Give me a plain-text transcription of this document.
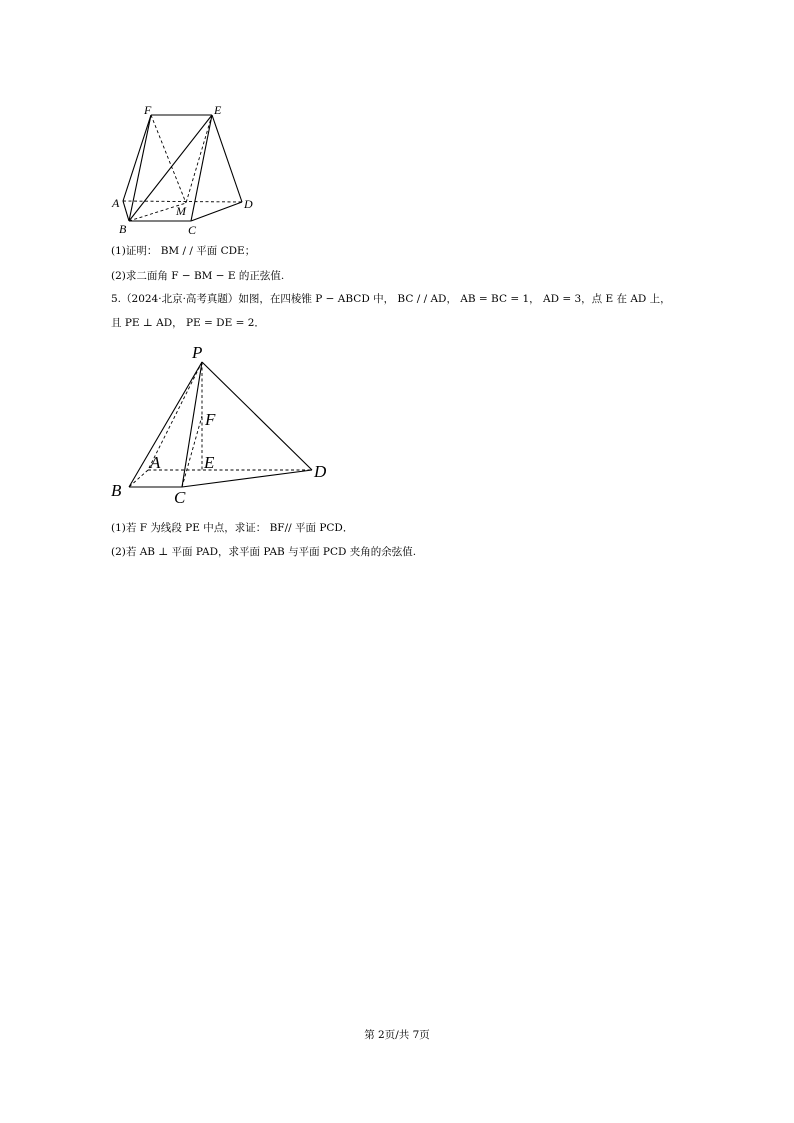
F	E
A
M	D
B	C
(1)证明： BM / / 平面 CDE；
(2)求二面角 F − BM − E 的正弦值.
5.（2024·北京·高考真题）如图，在四棱锥 P − ABCD 中， BC / / AD， AB = BC = 1， AD = 3，点 E 在 AD 上，
且 PE ⊥ AD， PE = DE = 2．
P
F
A	E
B	C
D
(1)若 F 为线段 PE 中点，求证： BF// 平面 PCD．
(2)若 AB ⊥ 平面 PAD，求平面 PAB 与平面 PCD 夹角的余弦值.
第 2页/共 7页
